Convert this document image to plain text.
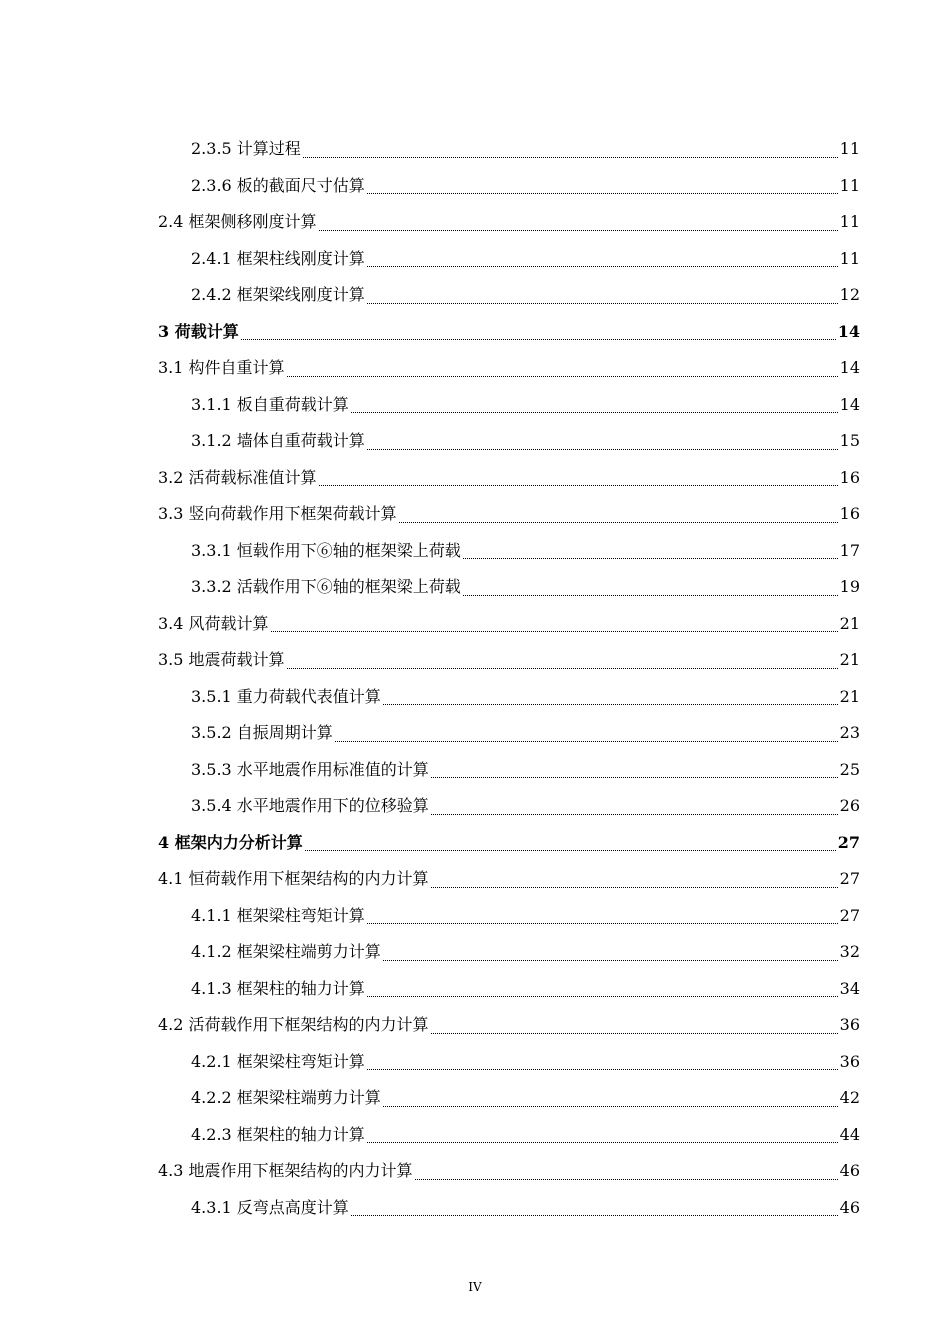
2.3.5 计算过程	11
2.3.6 板的截面尺寸估算	11
2.4 框架侧移刚度计算	11
2.4.1 框架柱线刚度计算	11
2.4.2 框架梁线刚度计算	12
3 荷载计算	14
3.1 构件自重计算	14
3.1.1 板自重荷载计算	14
3.1.2 墙体自重荷载计算	15
3.2 活荷载标准值计算	16
3.3 竖向荷载作用下框架荷载计算	16
3.3.1 恒载作用下⑥轴的框架梁上荷载	17
3.3.2 活载作用下⑥轴的框架梁上荷载	19
3.4 风荷载计算	21
3.5 地震荷载计算	21
3.5.1 重力荷载代表值计算	21
3.5.2 自振周期计算	23
3.5.3 水平地震作用标准值的计算	25
3.5.4 水平地震作用下的位移验算	26
4 框架内力分析计算	27
4.1 恒荷载作用下框架结构的内力计算	27
4.1.1 框架梁柱弯矩计算	27
4.1.2 框架梁柱端剪力计算	32
4.1.3 框架柱的轴力计算	34
4.2 活荷载作用下框架结构的内力计算	36
4.2.1 框架梁柱弯矩计算	36
4.2.2 框架梁柱端剪力计算	42
4.2.3 框架柱的轴力计算	44
4.3 地震作用下框架结构的内力计算	46
4.3.1 反弯点高度计算	46
IV
